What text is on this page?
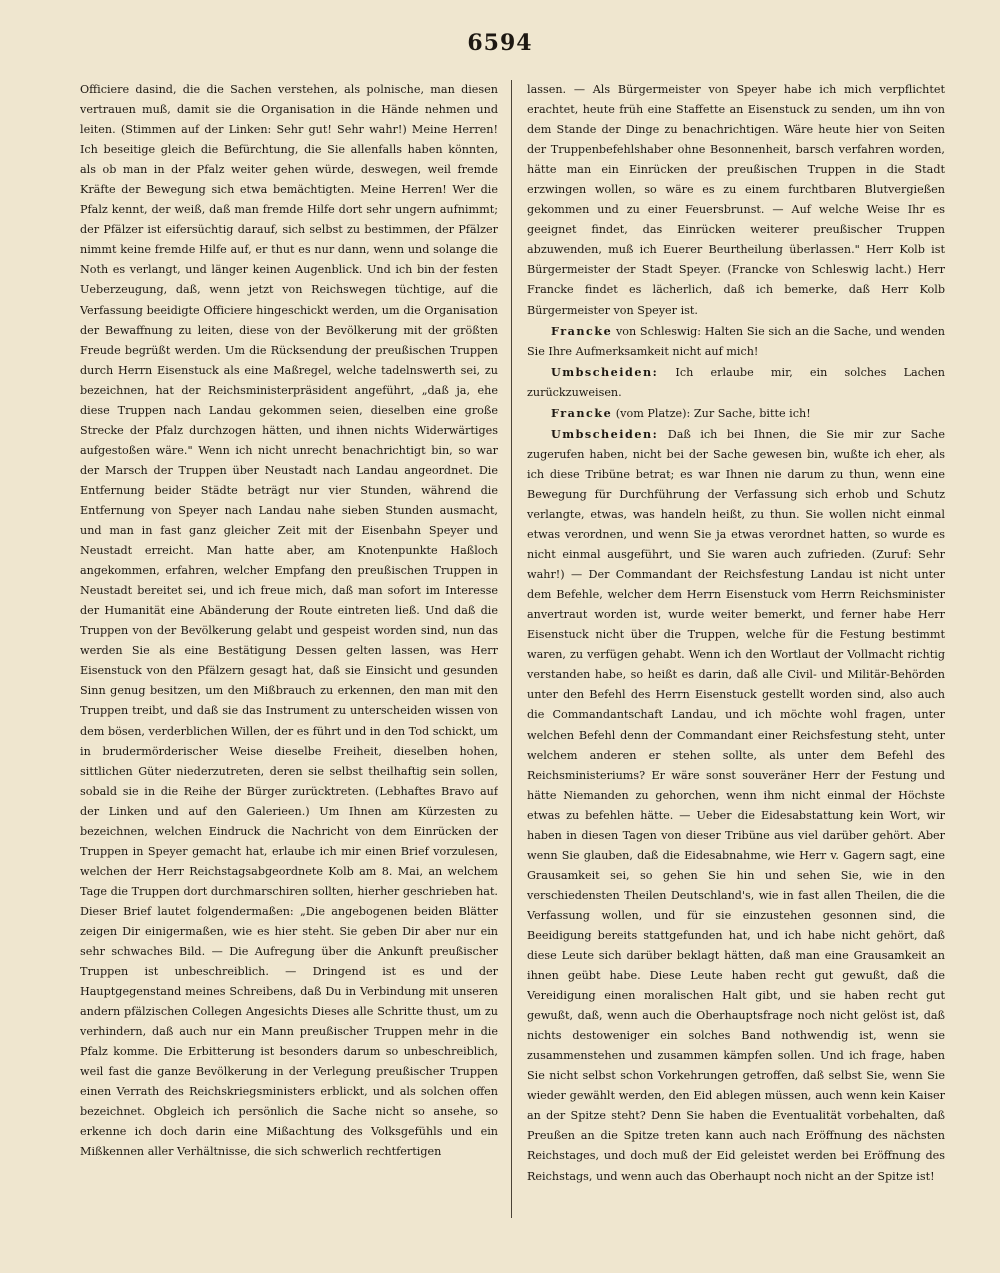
6594

Officiere dasind, die die Sachen verstehen, als polnische, man diesen vertrauen muß, damit sie die Organisation in die Hände nehmen und leiten. (Stimmen auf der Linken: Sehr gut! Sehr wahr!) Meine Herren! Ich beseitige gleich die Befürchtung, die Sie allenfalls haben könnten, als ob man in der Pfalz weiter gehen würde, deswegen, weil fremde Kräfte der Bewegung sich etwa bemächtigten. Meine Herren! Wer die Pfalz kennt, der weiß, daß man fremde Hilfe dort sehr ungern aufnimmt; der Pfälzer ist eifersüchtig darauf, sich selbst zu bestimmen, der Pfälzer nimmt keine fremde Hilfe auf, er thut es nur dann, wenn und solange die Noth es verlangt, und länger keinen Augenblick. Und ich bin der festen Ueberzeugung, daß, wenn jetzt von Reichswegen tüchtige, auf die Verfassung beeidigte Officiere hingeschickt werden, um die Organisation der Bewaffnung zu leiten, diese von der Bevölkerung mit der größten Freude begrüßt werden. Um die Rücksendung der preußischen Truppen durch Herrn Eisenstuck als eine Maßregel, welche tadelnswerth sei, zu bezeichnen, hat der Reichsministerpräsident angeführt, „daß ja, ehe diese Truppen nach Landau gekommen seien, dieselben eine große Strecke der Pfalz durchzogen hätten, und ihnen nichts Widerwärtiges aufgestoßen wäre." Wenn ich nicht unrecht benachrichtigt bin, so war der Marsch der Truppen über Neustadt nach Landau angeordnet. Die Entfernung beider Städte beträgt nur vier Stunden, während die Entfernung von Speyer nach Landau nahe sieben Stunden ausmacht, und man in fast ganz gleicher Zeit mit der Eisenbahn Speyer und Neustadt erreicht. Man hatte aber, am Knotenpunkte Haßloch angekommen, erfahren, welcher Empfang den preußischen Truppen in Neustadt bereitet sei, und ich freue mich, daß man sofort im Interesse der Humanität eine Abänderung der Route eintreten ließ. Und daß die Truppen von der Bevölkerung gelabt und gespeist worden sind, nun das werden Sie als eine Bestätigung Dessen gelten lassen, was Herr Eisenstuck von den Pfälzern gesagt hat, daß sie Einsicht und gesunden Sinn genug besitzen, um den Mißbrauch zu erkennen, den man mit den Truppen treibt, und daß sie das Instrument zu unterscheiden wissen von dem bösen, verderblichen Willen, der es führt und in den Tod schickt, um in brudermörderischer Weise dieselbe Freiheit, dieselben hohen, sittlichen Güter niederzutreten, deren sie selbst theilhaftig sein sollen, sobald sie in die Reihe der Bürger zurücktreten. (Lebhaftes Bravo auf der Linken und auf den Galerieen.) Um Ihnen am Kürzesten zu bezeichnen, welchen Eindruck die Nachricht von dem Einrücken der Truppen in Speyer gemacht hat, erlaube ich mir einen Brief vorzulesen, welchen der Herr Reichstagsabgeordnete Kolb am 8. Mai, an welchem Tage die Truppen dort durchmarschiren sollten, hierher geschrieben hat. Dieser Brief lautet folgendermaßen: „Die angebogenen beiden Blätter zeigen Dir einigermaßen, wie es hier steht. Sie geben Dir aber nur ein sehr schwaches Bild. — Die Aufregung über die Ankunft preußischer Truppen ist unbeschreiblich. — Dringend ist es und der Hauptgegenstand meines Schreibens, daß Du in Verbindung mit unseren andern pfälzischen Collegen Angesichts Dieses alle Schritte thust, um zu verhindern, daß auch nur ein Mann preußischer Truppen mehr in die Pfalz komme. Die Erbitterung ist besonders darum so unbeschreiblich, weil fast die ganze Bevölkerung in der Verlegung preußischer Truppen einen Verrath des Reichskriegsministers erblickt, und als solchen offen bezeichnet. Obgleich ich persönlich die Sache nicht so ansehe, so erkenne ich doch darin eine Mißachtung des Volksgefühls und ein Mißkennen aller Verhältnisse, die sich schwerlich rechtfertigen

lassen. — Als Bürgermeister von Speyer habe ich mich verpflichtet erachtet, heute früh eine Staffette an Eisenstuck zu senden, um ihn von dem Stande der Dinge zu benachrichtigen. Wäre heute hier von Seiten der Truppenbefehlshaber ohne Besonnenheit, barsch verfahren worden, hätte man ein Einrücken der preußischen Truppen in die Stadt erzwingen wollen, so wäre es zu einem furchtbaren Blutvergießen gekommen und zu einer Feuersbrunst. — Auf welche Weise Ihr es geeignet findet, das Einrücken weiterer preußischer Truppen abzuwenden, muß ich Euerer Beurtheilung überlassen." Herr Kolb ist Bürgermeister der Stadt Speyer. (Francke von Schleswig lacht.) Herr Francke findet es lächerlich, daß ich bemerke, daß Herr Kolb Bürgermeister von Speyer ist.

Francke von Schleswig: Halten Sie sich an die Sache, und wenden Sie Ihre Aufmerksamkeit nicht auf mich!

Umbscheiden: Ich erlaube mir, ein solches Lachen zurückzuweisen.

Francke (vom Platze): Zur Sache, bitte ich!

Umbscheiden: Daß ich bei Ihnen, die Sie mir zur Sache zugerufen haben, nicht bei der Sache gewesen bin, wußte ich eher, als ich diese Tribüne betrat; es war Ihnen nie darum zu thun, wenn eine Bewegung für Durchführung der Verfassung sich erhob und Schutz verlangte, etwas, was handeln heißt, zu thun. Sie wollen nicht einmal etwas verordnen, und wenn Sie ja etwas verordnet hatten, so wurde es nicht einmal ausgeführt, und Sie waren auch zufrieden. (Zuruf: Sehr wahr!) — Der Commandant der Reichsfestung Landau ist nicht unter dem Befehle, welcher dem Herrn Eisenstuck vom Herrn Reichsminister anvertraut worden ist, wurde weiter bemerkt, und ferner habe Herr Eisenstuck nicht über die Truppen, welche für die Festung bestimmt waren, zu verfügen gehabt. Wenn ich den Wortlaut der Vollmacht richtig verstanden habe, so heißt es darin, daß alle Civil- und Militär-Behörden unter den Befehl des Herrn Eisenstuck gestellt worden sind, also auch die Commandantschaft Landau, und ich möchte wohl fragen, unter welchen Befehl denn der Commandant einer Reichsfestung steht, unter welchem anderen er stehen sollte, als unter dem Befehl des Reichsministeriums? Er wäre sonst souveräner Herr der Festung und hätte Niemanden zu gehorchen, wenn ihm nicht einmal der Höchste etwas zu befehlen hätte. — Ueber die Eidesabstattung kein Wort, wir haben in diesen Tagen von dieser Tribüne aus viel darüber gehört. Aber wenn Sie glauben, daß die Eidesabnahme, wie Herr v. Gagern sagt, eine Grausamkeit sei, so gehen Sie hin und sehen Sie, wie in den verschiedensten Theilen Deutschland's, wie in fast allen Theilen, die die Verfassung wollen, und für sie einzustehen gesonnen sind, die Beeidigung bereits stattgefunden hat, und ich habe nicht gehört, daß diese Leute sich darüber beklagt hätten, daß man eine Grausamkeit an ihnen geübt habe. Diese Leute haben recht gut gewußt, daß die Vereidigung einen moralischen Halt gibt, und sie haben recht gut gewußt, daß, wenn auch die Oberhauptsfrage noch nicht gelöst ist, daß nichts destoweniger ein solches Band nothwendig ist, wenn sie zusammenstehen und zusammen kämpfen sollen. Und ich frage, haben Sie nicht selbst schon Vorkehrungen getroffen, daß selbst Sie, wenn Sie wieder gewählt werden, den Eid ablegen müssen, auch wenn kein Kaiser an der Spitze steht? Denn Sie haben die Eventualität vorbehalten, daß Preußen an die Spitze treten kann auch nach Eröffnung des nächsten Reichstages, und doch muß der Eid geleistet werden bei Eröffnung des Reichstags, und wenn auch das Oberhaupt noch nicht an der Spitze ist!
